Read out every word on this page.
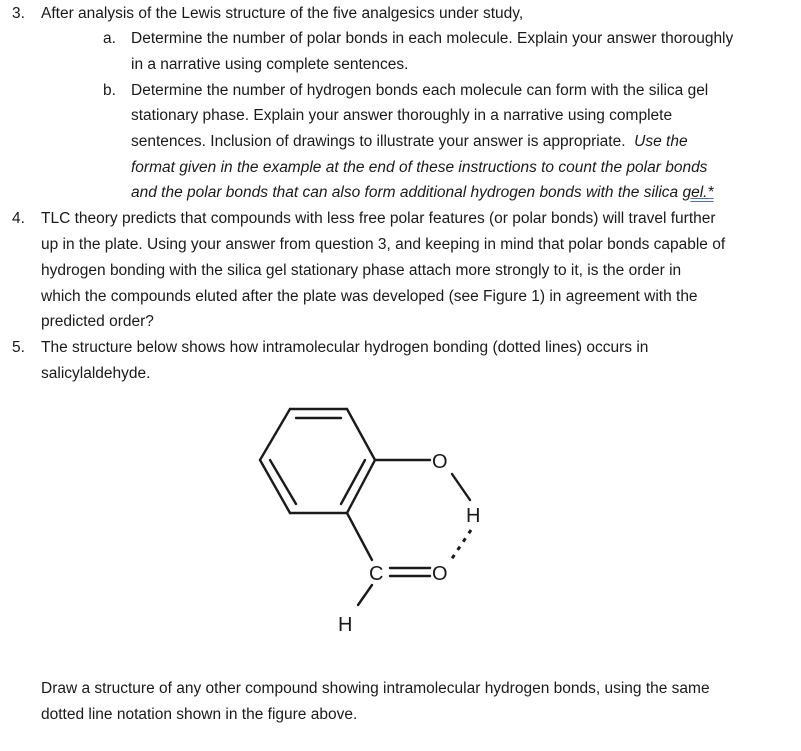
3. After analysis of the Lewis structure of the five analgesics under study,
a. Determine the number of polar bonds in each molecule. Explain your answer thoroughly
in a narrative using complete sentences.
b. Determine the number of hydrogen bonds each molecule can form with the silica gel
stationary phase. Explain your answer thoroughly in a narrative using complete
sentences. Inclusion of drawings to illustrate your answer is appropriate. Use the
format given in the example at the end of these instructions to count the polar bonds
and the polar bonds that can also form additional hydrogen bonds with the silica gel.*
4. TLC theory predicts that compounds with less free polar features (or polar bonds) will travel further
up in the plate. Using your answer from question 3, and keeping in mind that polar bonds capable of
hydrogen bonding with the silica gel stationary phase attach more strongly to it, is the order in
which the compounds eluted after the plate was developed (see Figure 1) in agreement with the
predicted order?
5. The structure below shows how intramolecular hydrogen bonding (dotted lines) occurs in
salicylaldehyde.
O
H
C O
H
Draw a structure of any other compound showing intramolecular hydrogen bonds, using the same
dotted line notation shown in the figure above.
